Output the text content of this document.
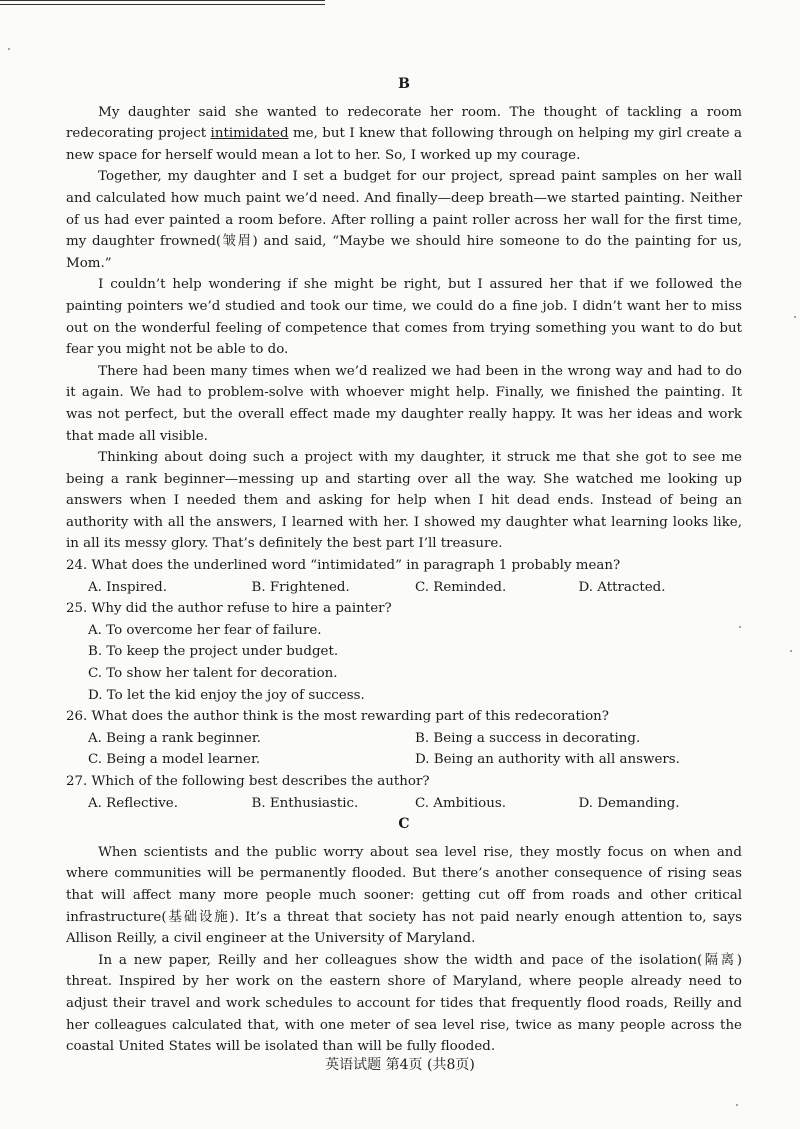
B

My daughter said she wanted to redecorate her room. The thought of tackling a room redecorating project intimidated me, but I knew that following through on helping my girl create a new space for herself would mean a lot to her. So, I worked up my courage.

Together, my daughter and I set a budget for our project, spread paint samples on her wall and calculated how much paint we’d need. And finally—deep breath—we started painting. Neither of us had ever painted a room before. After rolling a paint roller across her wall for the first time, my daughter frowned(皱眉) and said, “Maybe we should hire someone to do the painting for us, Mom.”

I couldn’t help wondering if she might be right, but I assured her that if we followed the painting pointers we’d studied and took our time, we could do a fine job. I didn’t want her to miss out on the wonderful feeling of competence that comes from trying something you want to do but fear you might not be able to do.

There had been many times when we’d realized we had been in the wrong way and had to do it again. We had to problem-solve with whoever might help. Finally, we finished the painting. It was not perfect, but the overall effect made my daughter really happy. It was her ideas and work that made all visible.

Thinking about doing such a project with my daughter, it struck me that she got to see me being a rank beginner—messing up and starting over all the way. She watched me looking up answers when I needed them and asking for help when I hit dead ends. Instead of being an authority with all the answers, I learned with her. I showed my daughter what learning looks like, in all its messy glory. That’s definitely the best part I’ll treasure.

24. What does the underlined word “intimidated” in paragraph 1 probably mean?

A. Inspired.	B. Frightened.	C. Reminded.	D. Attracted.

25. Why did the author refuse to hire a painter?

A. To overcome her fear of failure.
B. To keep the project under budget.
C. To show her talent for decoration.
D. To let the kid enjoy the joy of success.

26. What does the author think is the most rewarding part of this redecoration?

A. Being a rank beginner.	B. Being a success in decorating.
C. Being a model learner.	D. Being an authority with all answers.

27. Which of the following best describes the author?

A. Reflective.	B. Enthusiastic.	C. Ambitious.	D. Demanding.
C

When scientists and the public worry about sea level rise, they mostly focus on when and where communities will be permanently flooded. But there’s another consequence of rising seas that will affect many more people much sooner: getting cut off from roads and other critical infrastructure(基础设施). It’s a threat that society has not paid nearly enough attention to, says Allison Reilly, a civil engineer at the University of Maryland.

In a new paper, Reilly and her colleagues show the width and pace of the isolation(隔离) threat. Inspired by her work on the eastern shore of Maryland, where people already need to adjust their travel and work schedules to account for tides that frequently flood roads, Reilly and her colleagues calculated that, with one meter of sea level rise, twice as many people across the coastal United States will be isolated than will be fully flooded.

英语试题 第4页 (共8页)
